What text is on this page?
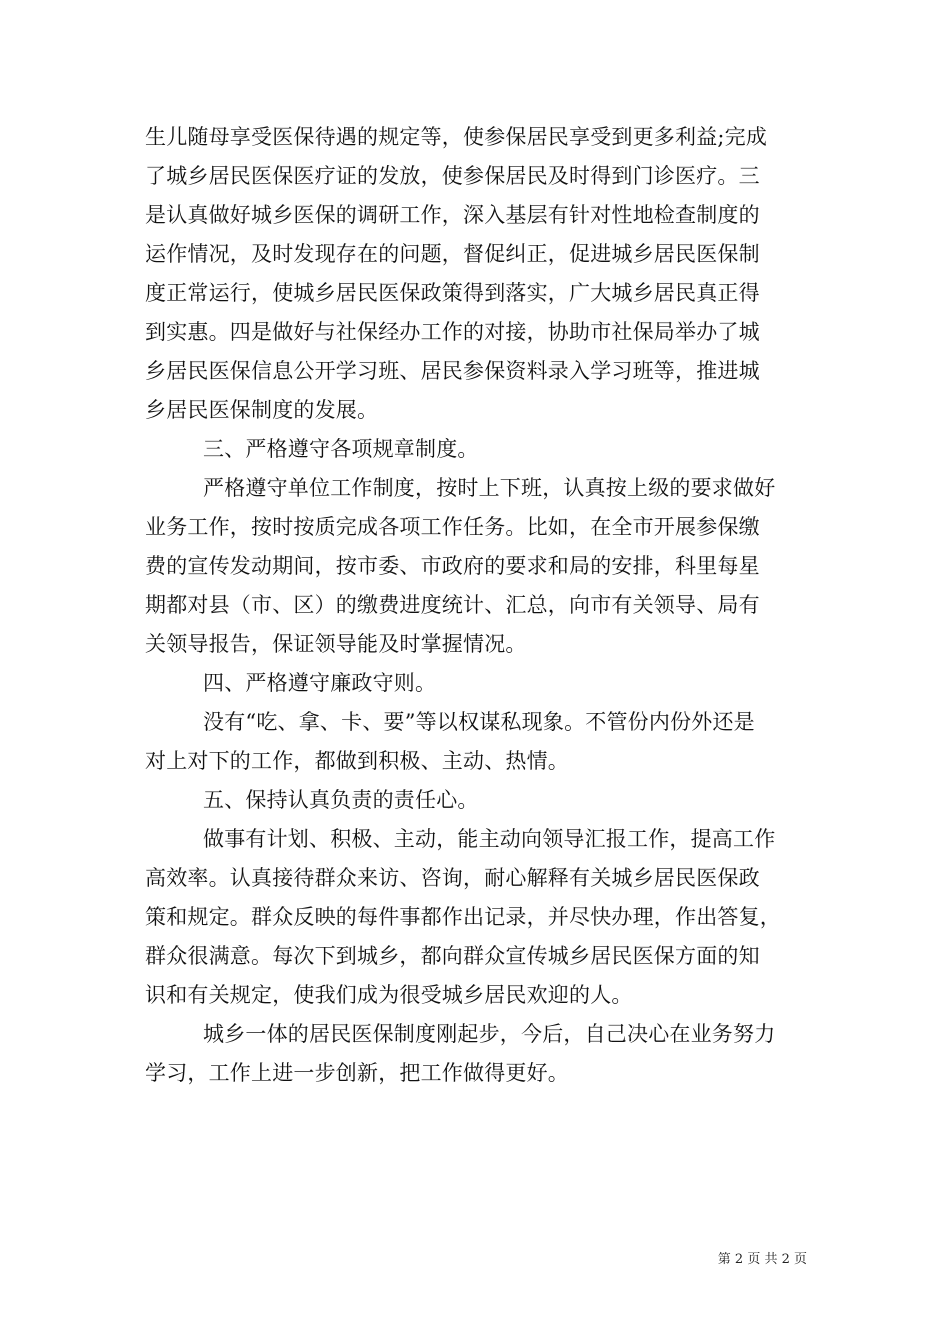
生儿随母享受医保待遇的规定等，使参保居民享受到更多利益;完成
了城乡居民医保医疗证的发放，使参保居民及时得到门诊医疗。三
是认真做好城乡医保的调研工作，深入基层有针对性地检查制度的
运作情况，及时发现存在的问题，督促纠正，促进城乡居民医保制
度正常运行，使城乡居民医保政策得到落实，广大城乡居民真正得
到实惠。四是做好与社保经办工作的对接，协助市社保局举办了城
乡居民医保信息公开学习班、居民参保资料录入学习班等，推进城
乡居民医保制度的发展。
三、严格遵守各项规章制度。
严格遵守单位工作制度，按时上下班，认真按上级的要求做好
业务工作，按时按质完成各项工作任务。比如，在全市开展参保缴
费的宣传发动期间，按市委、市政府的要求和局的安排，科里每星
期都对县（市、区）的缴费进度统计、汇总，向市有关领导、局有
关领导报告，保证领导能及时掌握情况。
四、严格遵守廉政守则。
没有“吃、拿、卡、要”等以权谋私现象。不管份内份外还是
对上对下的工作，都做到积极、主动、热情。
五、保持认真负责的责任心。
做事有计划、积极、主动，能主动向领导汇报工作，提高工作
高效率。认真接待群众来访、咨询，耐心解释有关城乡居民医保政
策和规定。群众反映的每件事都作出记录，并尽快办理，作出答复，
群众很满意。每次下到城乡，都向群众宣传城乡居民医保方面的知
识和有关规定，使我们成为很受城乡居民欢迎的人。
城乡一体的居民医保制度刚起步，今后，自己决心在业务努力
学习，工作上进一步创新，把工作做得更好。
第 2 页 共 2 页
